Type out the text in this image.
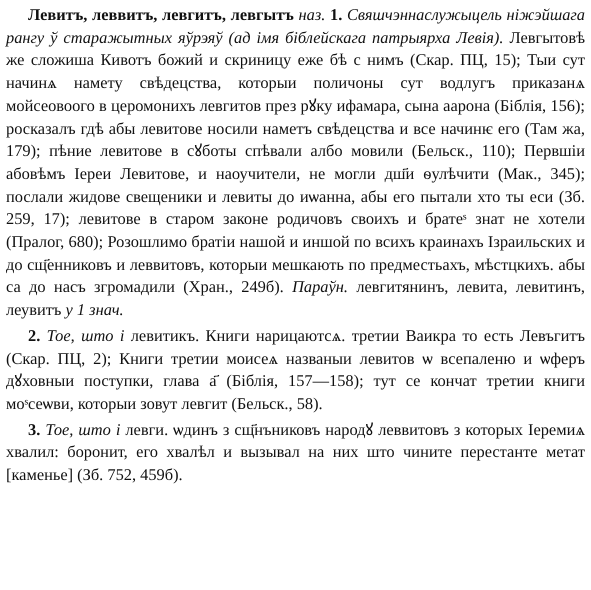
Левитъ, леввитъ, левгитъ, левгытъ наз. 1. Свяшчэннаслужыцель ніжэйшага рангу ў старажытных яўрэяў (ад імя біблейскага патрыярха Левія). Левгытовѣ же сложиша Кивотъ божий и скриницу еже бѣ с нимъ (Скар. ПЦ, 15); Тыи сут начинѧ намету свѣдецства, которыи поличоны сут водлугъ приказанѧ мойсеовоого в церомонихъ левгитов през рꙋку ифамара, сына аарона (Біблія, 156); росказалъ гдѣ абы левитове носили наметъ свѣдецства и все начинѥ его (Там жа, 179); пѣние левитове в сꙋботы спѣвали албо мовили (Бельск., 110); Первшіи абовѣмъ Іереи Левитове, и наоучители, не могли дш҃и ѳулѣчити (Мак., 345); послали жидове свещеники и левиты до иѡанна, абы его пытали хто ты еси (Зб. 259, 17); левитове в старом законе родичовъ своихъ и братеˢ знат не хотели (Пралог, 680); Розошлимо братіи нашой и иншой по всихъ краинахъ Ізраильских и до сщ҃енниковъ и леввитовъ, которыи мешкають по предместьахъ, мѣстцкихъ. абы са до насъ згромадили (Хран., 249б). Параўн. левгитянинъ, левита, левитинъ, леувитъ у 1 знач.

2. Тое, што і левитикъ. Книги нарицаютсѧ. третии Ваикра то есть Левъгитъ (Скар. ПЦ, 2); Книги третии моисеѧ названыи левитов ѡ всепаленю и ѡферъ дꙋховныи поступки, глава а҃ (Біблія, 157—158); тут се кончат третии книги мoˢсеѡви, которыи зовут левгит (Бельск., 58).

3. Тое, што і левги. ѡдинъ з сщ҃нъниковъ народꙋ леввитовъ з которых Іеремиѧ хвалил: боронит, его хвалѣл и вызывал на них што чините перестанте метат [каменье] (Зб. 752, 459б).
